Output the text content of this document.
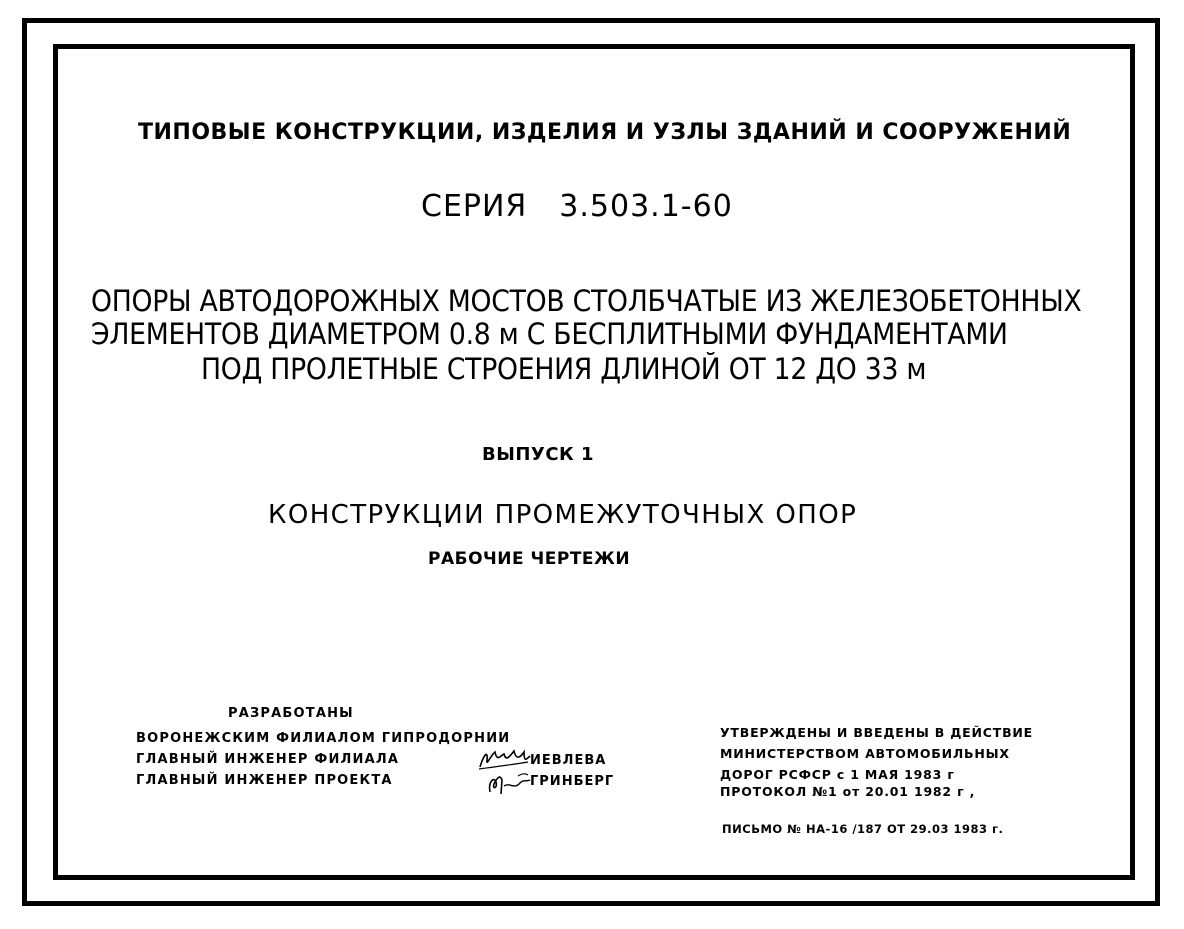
ТИПОВЫЕ КОНСТРУКЦИИ, ИЗДЕЛИЯ И УЗЛЫ ЗДАНИЙ И СООРУЖЕНИЙ
СЕРИЯ 3.503.1-60
ОПОРЫ АВТОДОРОЖНЫХ МОСТОВ СТОЛБЧАТЫЕ ИЗ ЖЕЛЕЗОБЕТОННЫХ
ЭЛЕМЕНТОВ ДИАМЕТРОМ 0.8 м С БЕСПЛИТНЫМИ ФУНДАМЕНТАМИ
ПОД ПРОЛЕТНЫЕ СТРОЕНИЯ ДЛИНОЙ ОТ 12 ДО 33 м
ВЫПУСК 1
КОНСТРУКЦИИ ПРОМЕЖУТОЧНЫХ ОПОР
РАБОЧИЕ ЧЕРТЕЖИ
РАЗРАБОТАНЫ
ВОРОНЕЖСКИМ ФИЛИАЛОМ ГИПРОДОРНИИ
ГЛАВНЫЙ ИНЖЕНЕР ФИЛИАЛА
ГЛАВНЫЙ ИНЖЕНЕР ПРОЕКТА
ИЕВЛЕВА
ГРИНБЕРГ
УТВЕРЖДЕНЫ И ВВЕДЕНЫ В ДЕЙСТВИЕ
МИНИСТЕРСТВОМ АВТОМОБИЛЬНЫХ
ДОРОГ РСФСР с 1 МАЯ 1983 г
ПРОТОКОЛ №1 от 20.01 1982 г ,
ПИСЬМО № НА-16 /187 ОТ 29.03 1983 г.
